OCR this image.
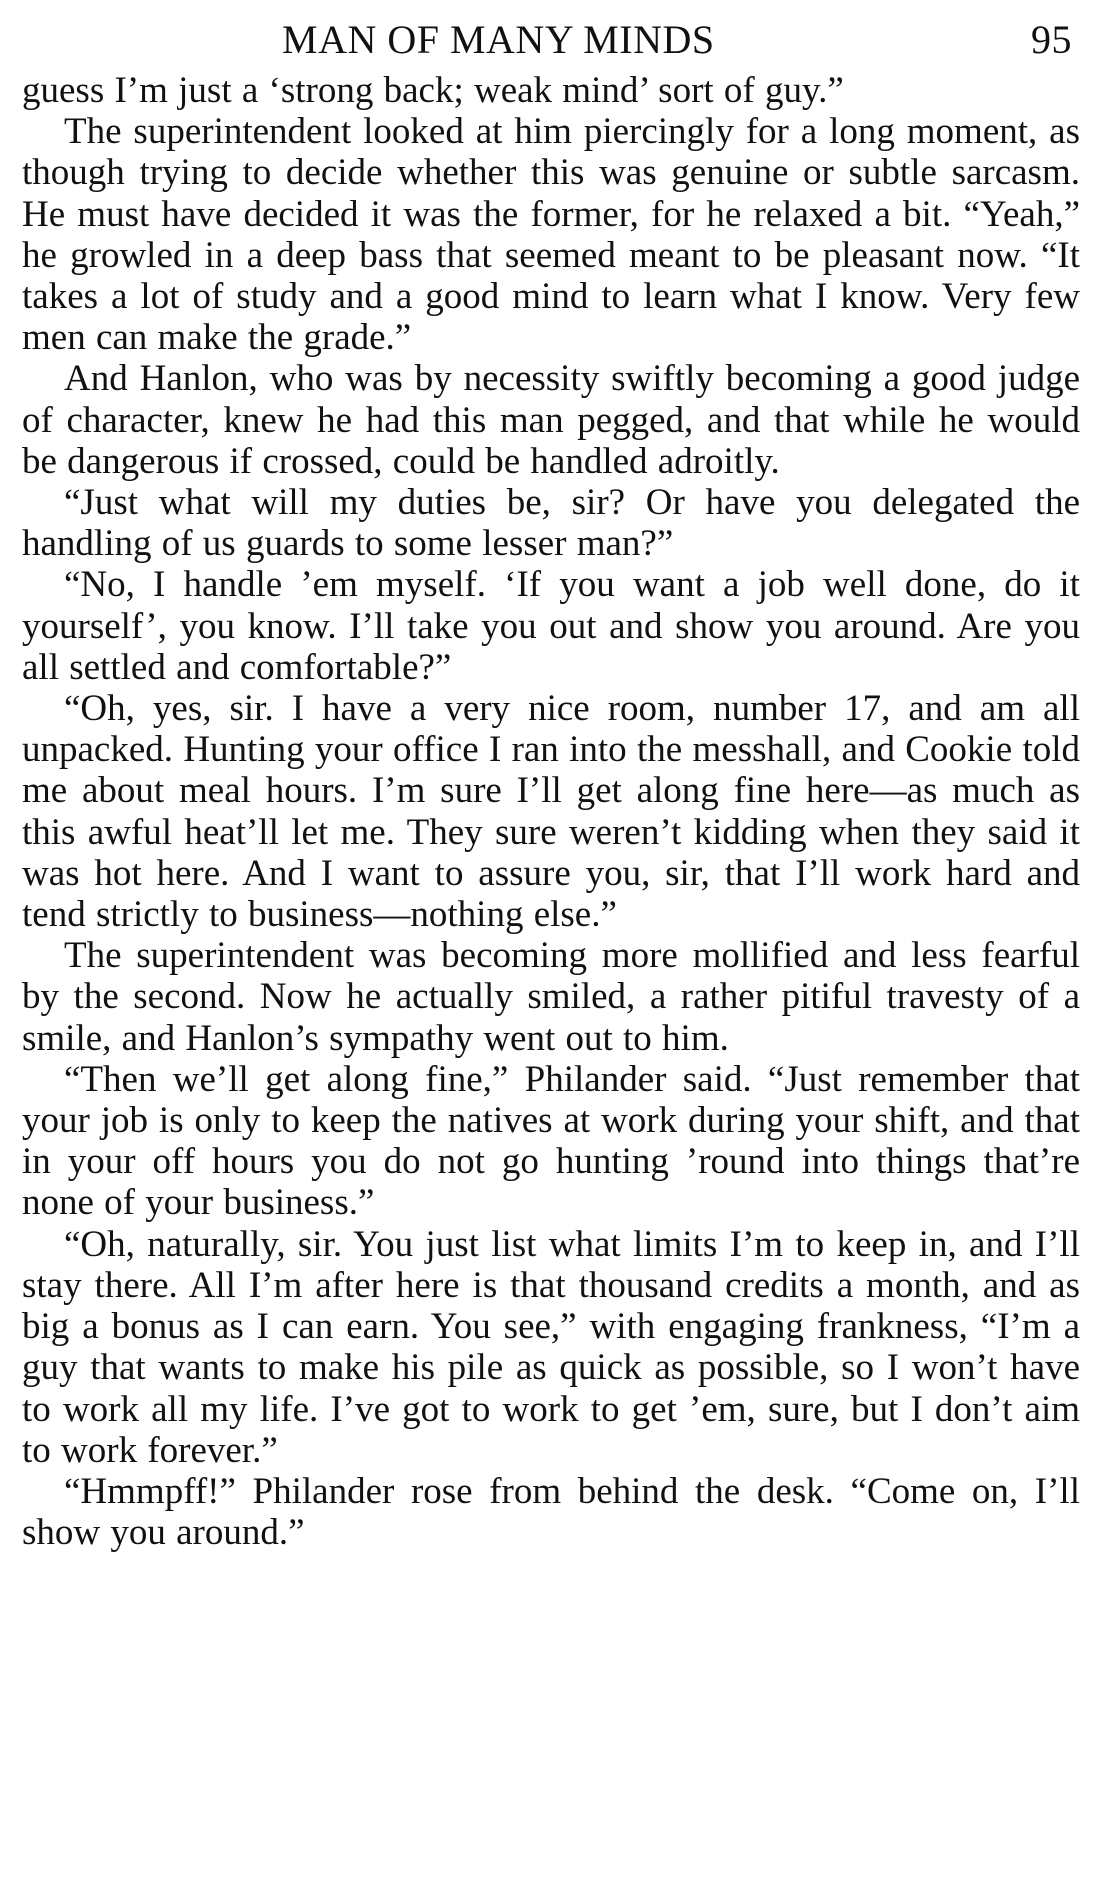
MAN OF MANY MINDS	95

guess I’m just a ‘strong back; weak mind’ sort of guy.”

The superintendent looked at him piercingly for a long moment, as though trying to decide whether this was genuine or subtle sarcasm. He must have decided it was the former, for he relaxed a bit. “Yeah,” he growled in a deep bass that seemed meant to be pleasant now. “It takes a lot of study and a good mind to learn what I know. Very few men can make the grade.”

And Hanlon, who was by necessity swiftly becoming a good judge of character, knew he had this man pegged, and that while he would be dangerous if crossed, could be handled adroitly.

“Just what will my duties be, sir? Or have you delegated the handling of us guards to some lesser man?”

“No, I handle ’em myself. ‘If you want a job well done, do it yourself’, you know. I’ll take you out and show you around. Are you all settled and comfortable?”

“Oh, yes, sir. I have a very nice room, number 17, and am all unpacked. Hunting your office I ran into the messhall, and Cookie told me about meal hours. I’m sure I’ll get along fine here—as much as this awful heat’ll let me. They sure weren’t kidding when they said it was hot here. And I want to assure you, sir, that I’ll work hard and tend strictly to business—nothing else.”

The superintendent was becoming more mollified and less fearful by the second. Now he actually smiled, a rather pitiful travesty of a smile, and Hanlon’s sympathy went out to him.

“Then we’ll get along fine,” Philander said. “Just remember that your job is only to keep the natives at work during your shift, and that in your off hours you do not go hunting ’round into things that’re none of your business.”

“Oh, naturally, sir. You just list what limits I’m to keep in, and I’ll stay there. All I’m after here is that thousand credits a month, and as big a bonus as I can earn. You see,” with engaging frankness, “I’m a guy that wants to make his pile as quick as possible, so I won’t have to work all my life. I’ve got to work to get ’em, sure, but I don’t aim to work forever.”

“Hmmpff!” Philander rose from behind the desk. “Come on, I’ll show you around.”
